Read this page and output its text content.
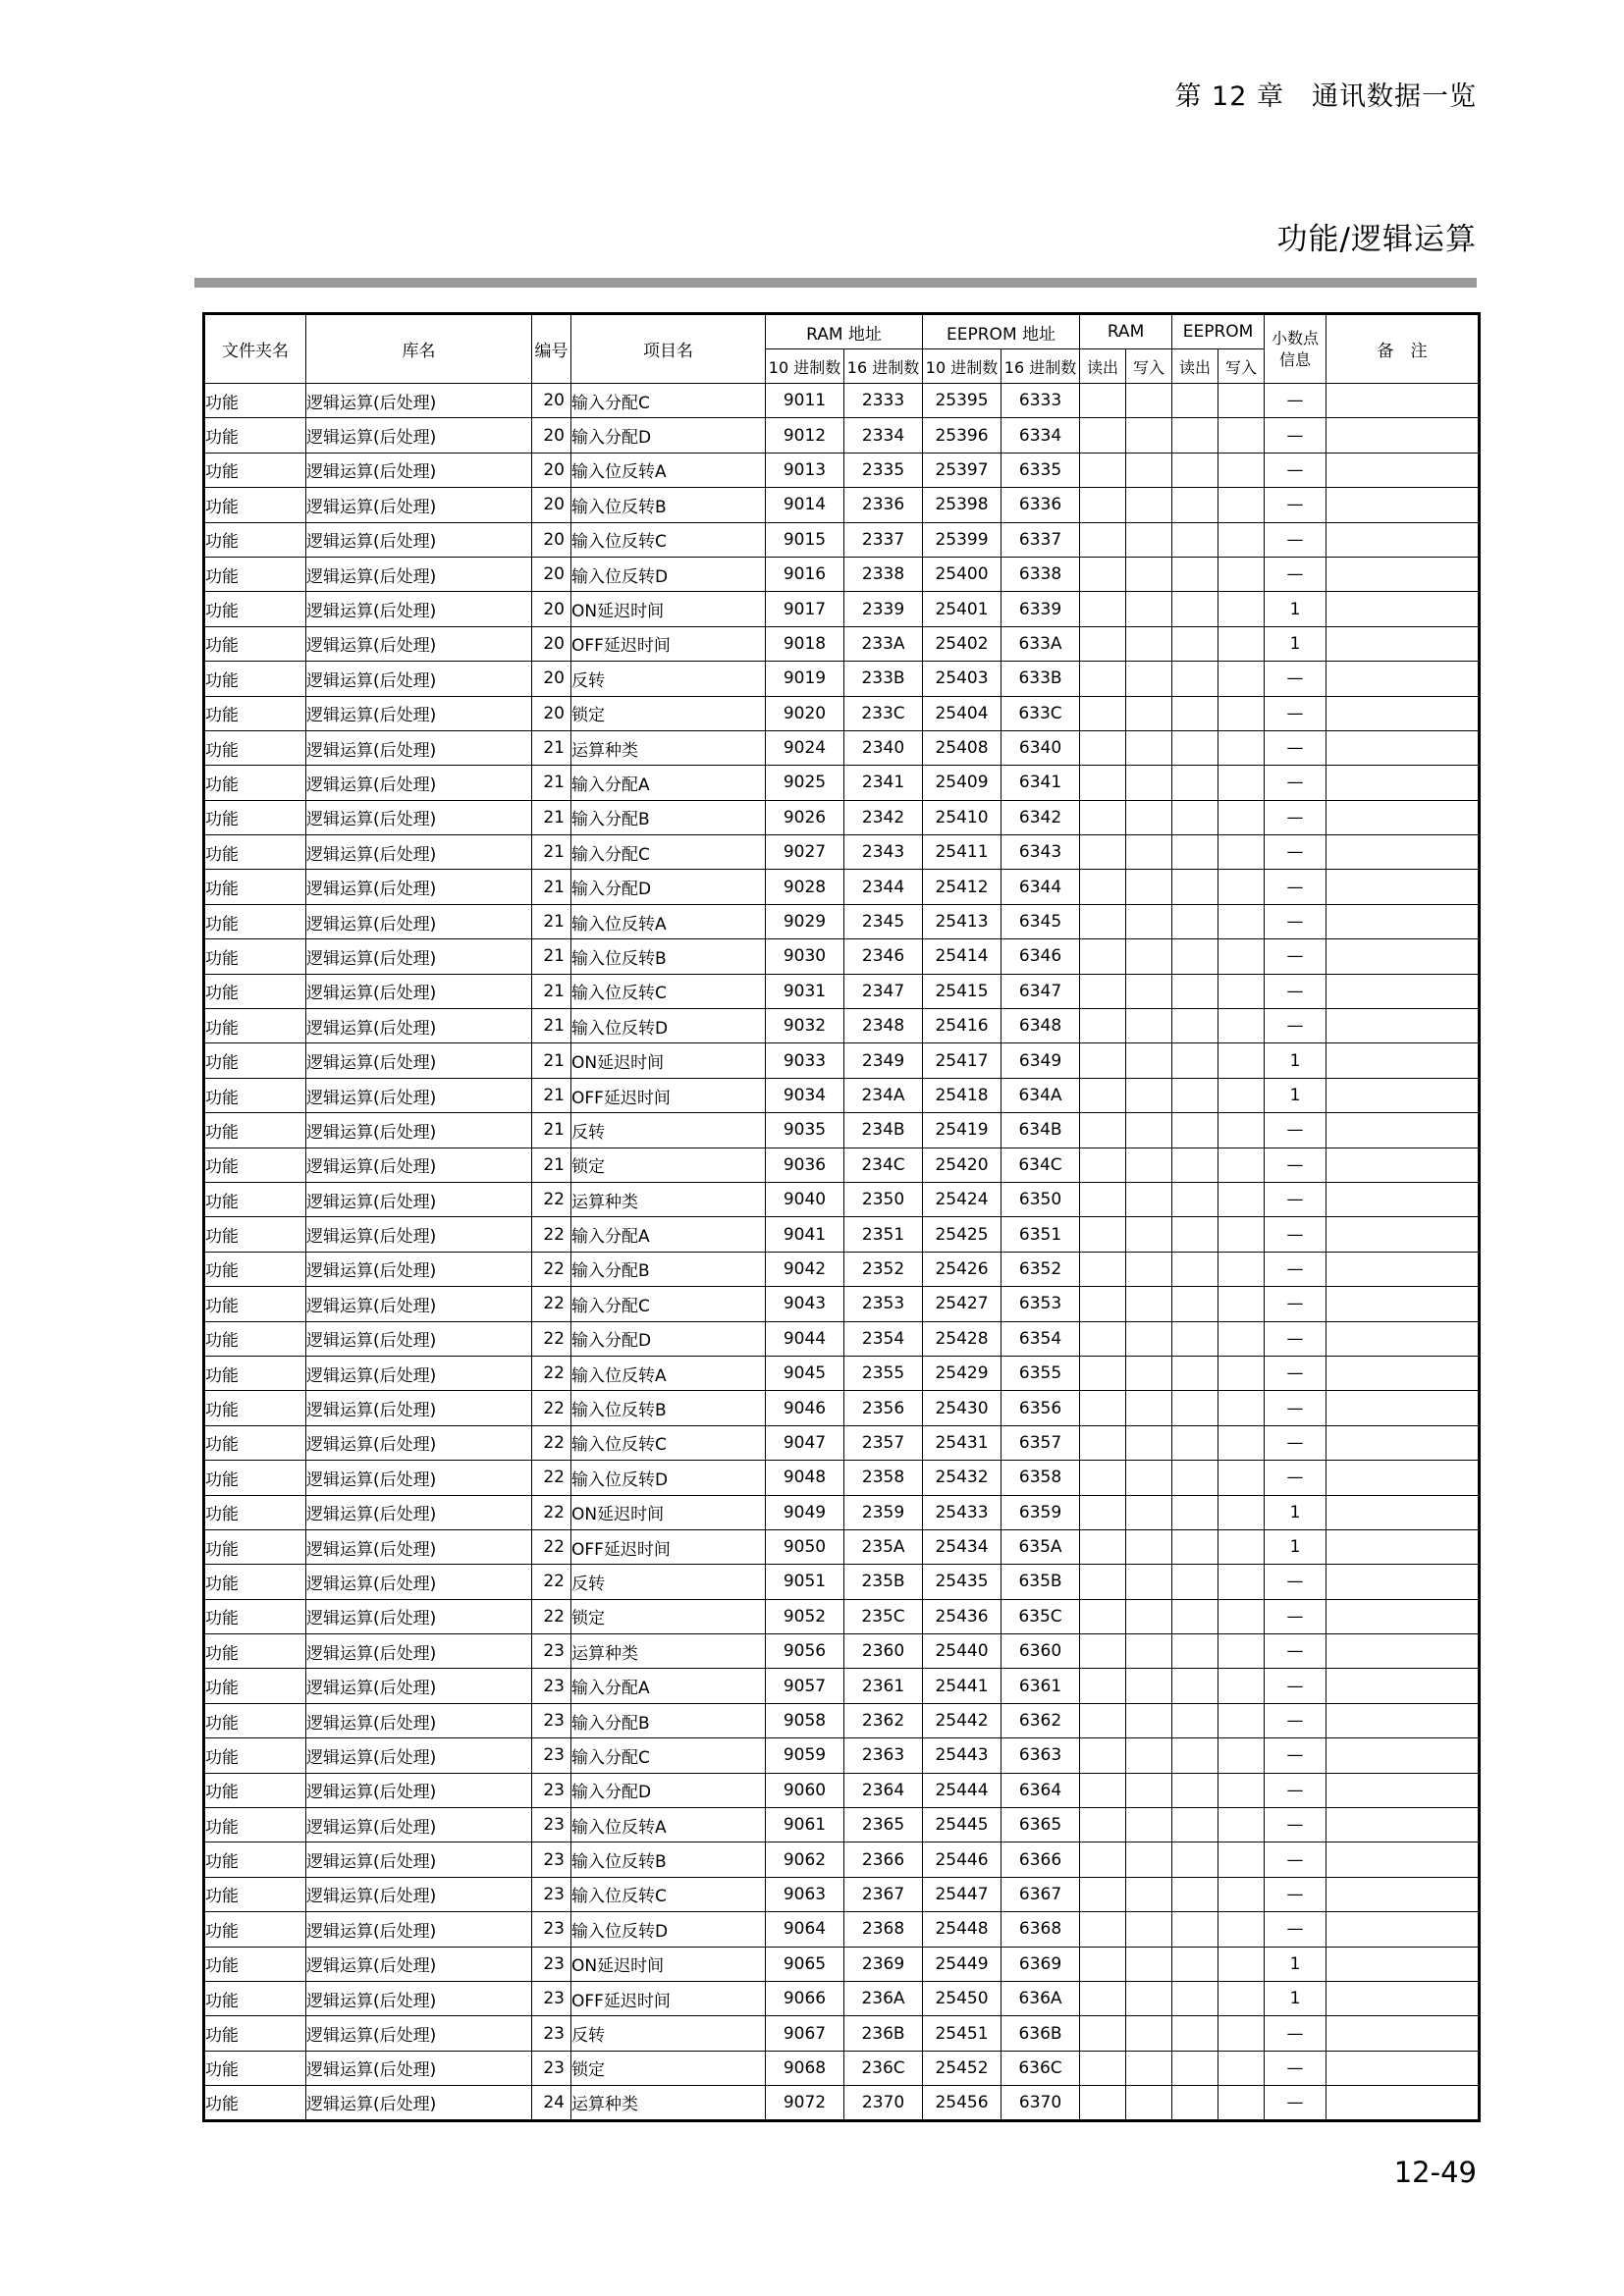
第 12 章　通讯数据一览
功能/逻辑运算
文件夹名	库名	编号	项目名	RAM 地址		EEPROM 地址		RAM		EEPROM		小数点信息	备　注
				10 进制数	16 进制数	10 进制数	16 进制数	读出	写入	读出	写入		
功能	逻辑运算(后处理)	20	输入分配C	9011	2333	25395	6333					—	
功能	逻辑运算(后处理)	20	输入分配D	9012	2334	25396	6334					—	
功能	逻辑运算(后处理)	20	输入位反转A	9013	2335	25397	6335					—	
功能	逻辑运算(后处理)	20	输入位反转B	9014	2336	25398	6336					—	
功能	逻辑运算(后处理)	20	输入位反转C	9015	2337	25399	6337					—	
功能	逻辑运算(后处理)	20	输入位反转D	9016	2338	25400	6338					—	
功能	逻辑运算(后处理)	20	ON延迟时间	9017	2339	25401	6339					1	
功能	逻辑运算(后处理)	20	OFF延迟时间	9018	233A	25402	633A					1	
功能	逻辑运算(后处理)	20	反转	9019	233B	25403	633B					—	
功能	逻辑运算(后处理)	20	锁定	9020	233C	25404	633C					—	
功能	逻辑运算(后处理)	21	运算种类	9024	2340	25408	6340					—	
功能	逻辑运算(后处理)	21	输入分配A	9025	2341	25409	6341					—	
功能	逻辑运算(后处理)	21	输入分配B	9026	2342	25410	6342					—	
功能	逻辑运算(后处理)	21	输入分配C	9027	2343	25411	6343					—	
功能	逻辑运算(后处理)	21	输入分配D	9028	2344	25412	6344					—	
功能	逻辑运算(后处理)	21	输入位反转A	9029	2345	25413	6345					—	
功能	逻辑运算(后处理)	21	输入位反转B	9030	2346	25414	6346					—	
功能	逻辑运算(后处理)	21	输入位反转C	9031	2347	25415	6347					—	
功能	逻辑运算(后处理)	21	输入位反转D	9032	2348	25416	6348					—	
功能	逻辑运算(后处理)	21	ON延迟时间	9033	2349	25417	6349					1	
功能	逻辑运算(后处理)	21	OFF延迟时间	9034	234A	25418	634A					1	
功能	逻辑运算(后处理)	21	反转	9035	234B	25419	634B					—	
功能	逻辑运算(后处理)	21	锁定	9036	234C	25420	634C					—	
功能	逻辑运算(后处理)	22	运算种类	9040	2350	25424	6350					—	
功能	逻辑运算(后处理)	22	输入分配A	9041	2351	25425	6351					—	
功能	逻辑运算(后处理)	22	输入分配B	9042	2352	25426	6352					—	
功能	逻辑运算(后处理)	22	输入分配C	9043	2353	25427	6353					—	
功能	逻辑运算(后处理)	22	输入分配D	9044	2354	25428	6354					—	
功能	逻辑运算(后处理)	22	输入位反转A	9045	2355	25429	6355					—	
功能	逻辑运算(后处理)	22	输入位反转B	9046	2356	25430	6356					—	
功能	逻辑运算(后处理)	22	输入位反转C	9047	2357	25431	6357					—	
功能	逻辑运算(后处理)	22	输入位反转D	9048	2358	25432	6358					—	
功能	逻辑运算(后处理)	22	ON延迟时间	9049	2359	25433	6359					1	
功能	逻辑运算(后处理)	22	OFF延迟时间	9050	235A	25434	635A					1	
功能	逻辑运算(后处理)	22	反转	9051	235B	25435	635B					—	
功能	逻辑运算(后处理)	22	锁定	9052	235C	25436	635C					—	
功能	逻辑运算(后处理)	23	运算种类	9056	2360	25440	6360					—	
功能	逻辑运算(后处理)	23	输入分配A	9057	2361	25441	6361					—	
功能	逻辑运算(后处理)	23	输入分配B	9058	2362	25442	6362					—	
功能	逻辑运算(后处理)	23	输入分配C	9059	2363	25443	6363					—	
功能	逻辑运算(后处理)	23	输入分配D	9060	2364	25444	6364					—	
功能	逻辑运算(后处理)	23	输入位反转A	9061	2365	25445	6365					—	
功能	逻辑运算(后处理)	23	输入位反转B	9062	2366	25446	6366					—	
功能	逻辑运算(后处理)	23	输入位反转C	9063	2367	25447	6367					—	
功能	逻辑运算(后处理)	23	输入位反转D	9064	2368	25448	6368					—	
功能	逻辑运算(后处理)	23	ON延迟时间	9065	2369	25449	6369					1	
功能	逻辑运算(后处理)	23	OFF延迟时间	9066	236A	25450	636A					1	
功能	逻辑运算(后处理)	23	反转	9067	236B	25451	636B					—	
功能	逻辑运算(后处理)	23	锁定	9068	236C	25452	636C					—	
功能	逻辑运算(后处理)	24	运算种类	9072	2370	25456	6370					—	
12-49
